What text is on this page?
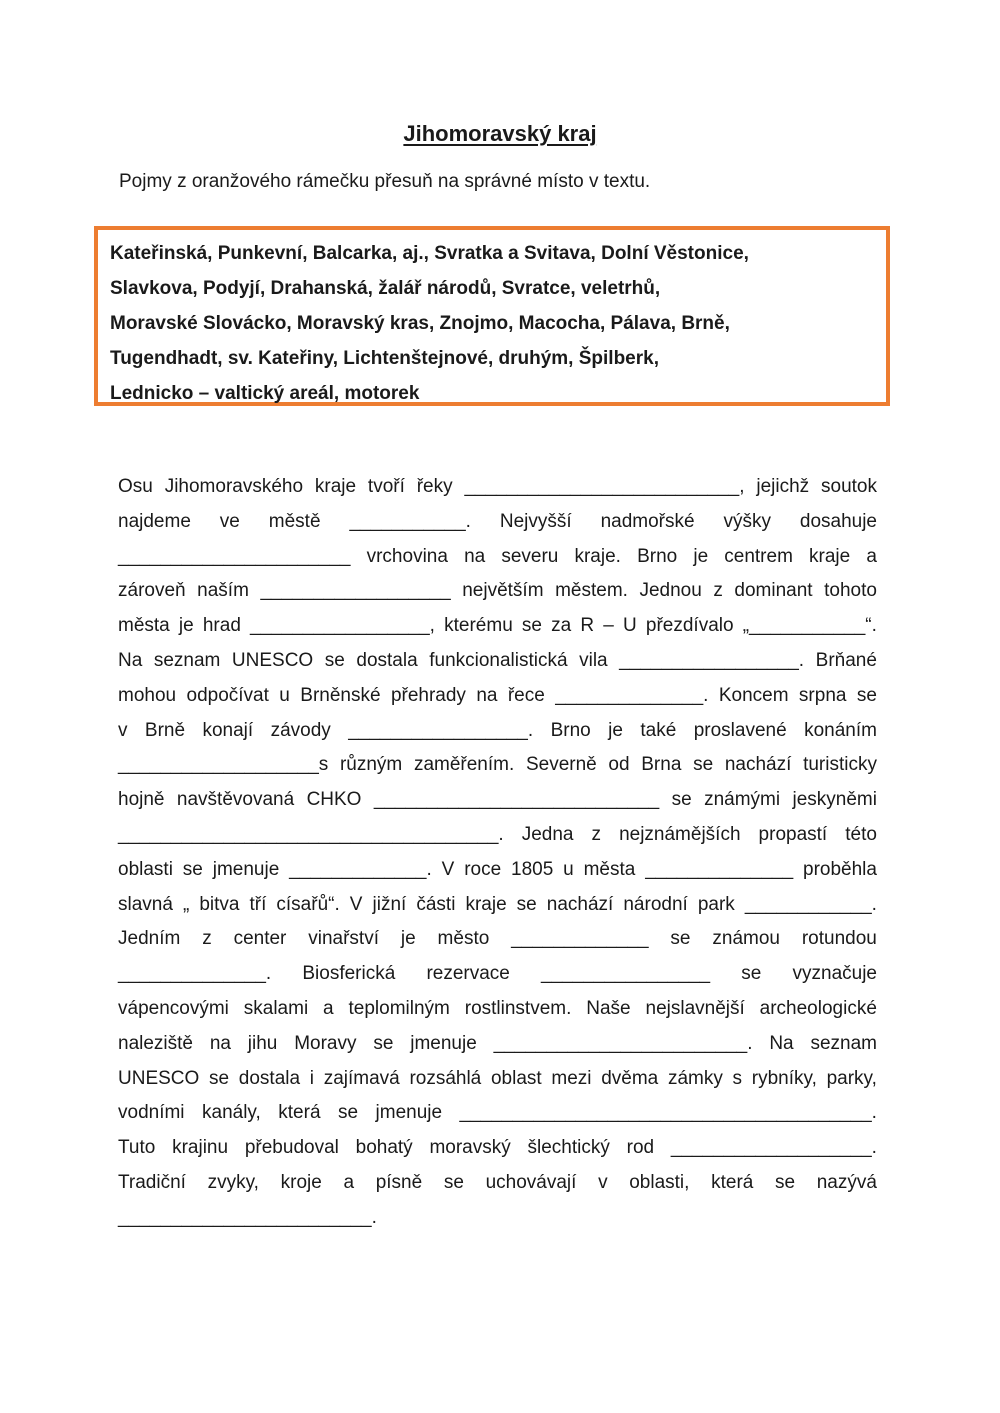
Jihomoravský kraj
Pojmy z oranžového rámečku přesuň na správné místo v textu.
Kateřinská, Punkevní, Balcarka, aj., Svratka a Svitava, Dolní Věstonice,
Slavkova, Podyjí, Drahanská, žalář národů, Svratce, veletrhů,
Moravské Slovácko, Moravský kras, Znojmo, Macocha, Pálava, Brně,
Tugendhadt, sv. Kateřiny, Lichtenštejnové, druhým, Špilberk,
Lednicko – valtický areál, motorek
Osu Jihomoravského kraje tvoří řeky __________________________, jejichž soutok
najdeme ve městě ___________. Nejvyšší nadmořské výšky dosahuje
______________________ vrchovina na severu kraje. Brno je centrem kraje a
zároveň naším __________________ největším městem. Jednou z dominant tohoto
města je hrad _________________, kterému se za R – U přezdívalo „___________“.
Na seznam UNESCO se dostala funkcionalistická vila _________________. Brňané
mohou odpočívat u Brněnské přehrady na řece ______________. Koncem srpna se
v Brně konají závody _________________. Brno je také proslavené konáním
___________________s různým zaměřením. Severně od Brna se nachází turisticky
hojně navštěvovaná CHKO ___________________________ se známými jeskyněmi
____________________________________. Jedna z nejznámějších propastí této
oblasti se jmenuje _____________. V roce 1805 u města ______________ proběhla
slavná „ bitva tří císařů“. V jižní části kraje se nachází národní park ____________.
Jedním z center vinařství je město _____________ se známou rotundou
______________. Biosferická rezervace ________________ se vyznačuje
vápencovými skalami a teplomilným rostlinstvem. Naše nejslavnější archeologické
naleziště na jihu Moravy se jmenuje ________________________. Na seznam
UNESCO se dostala i zajímavá rozsáhlá oblast mezi dvěma zámky s rybníky, parky,
vodními kanály, která se jmenuje _______________________________________.
Tuto krajinu přebudoval bohatý moravský šlechtický rod ___________________.
Tradiční zvyky, kroje a písně se uchovávají v oblasti, která se nazývá
________________________.
